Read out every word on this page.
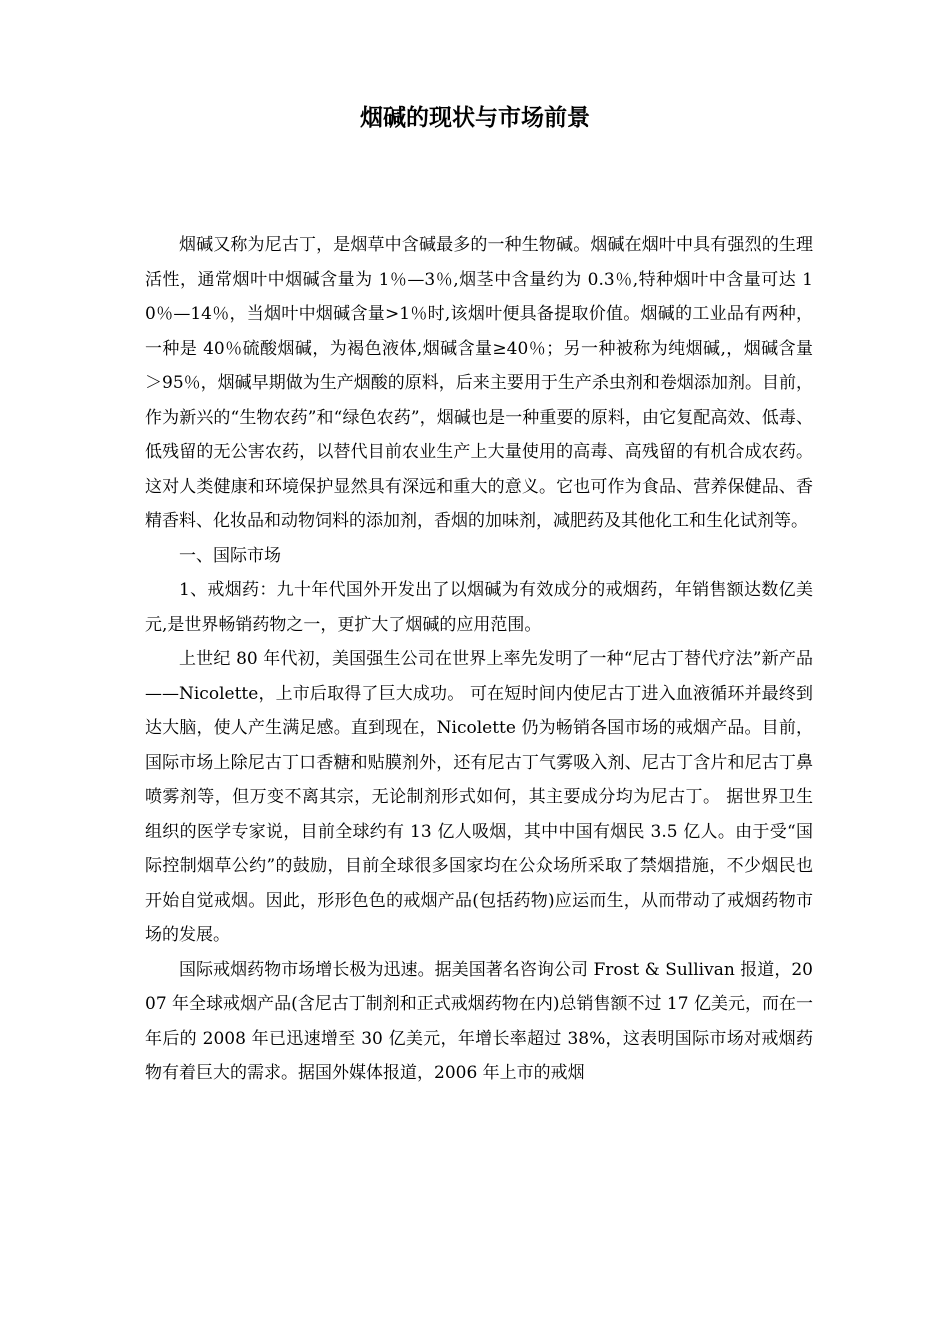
烟碱的现状与市场前景

烟碱又称为尼古丁，是烟草中含碱最多的一种生物碱。烟碱在烟叶中具有强烈的生理活性，通常烟叶中烟碱含量为 1％—3％,烟茎中含量约为 0.3％,特种烟叶中含量可达 10％—14％，当烟叶中烟碱含量>1％时,该烟叶便具备提取价值。烟碱的工业品有两种，一种是 40％硫酸烟碱，为褐色液体,烟碱含量≥40％；另一种被称为纯烟碱,，烟碱含量＞95％，烟碱早期做为生产烟酸的原料，后来主要用于生产杀虫剂和卷烟添加剂。目前，作为新兴的“生物农药”和“绿色农药”，烟碱也是一种重要的原料，由它复配高效、低毒、低残留的无公害农药，以替代目前农业生产上大量使用的高毒、高残留的有机合成农药。这对人类健康和环境保护显然具有深远和重大的意义。它也可作为食品、营养保健品、香精香料、化妆品和动物饲料的添加剂，香烟的加味剂，减肥药及其他化工和生化试剂等。

一、国际市场

1、戒烟药：九十年代国外开发出了以烟碱为有效成分的戒烟药，年销售额达数亿美元,是世界畅销药物之一，更扩大了烟碱的应用范围。

上世纪 80 年代初，美国强生公司在世界上率先发明了一种“尼古丁替代疗法”新产品——Nicolette，上市后取得了巨大成功。 可在短时间内使尼古丁进入血液循环并最终到达大脑，使人产生满足感。直到现在，Nicolette 仍为畅销各国市场的戒烟产品。目前，国际市场上除尼古丁口香糖和贴膜剂外，还有尼古丁气雾吸入剂、尼古丁含片和尼古丁鼻喷雾剂等，但万变不离其宗，无论制剂形式如何，其主要成分均为尼古丁。 据世界卫生组织的医学专家说，目前全球约有 13 亿人吸烟，其中中国有烟民 3.5 亿人。由于受“国际控制烟草公约”的鼓励，目前全球很多国家均在公众场所采取了禁烟措施，不少烟民也开始自觉戒烟。因此，形形色色的戒烟产品(包括药物)应运而生，从而带动了戒烟药物市场的发展。

国际戒烟药物市场增长极为迅速。据美国著名咨询公司 Frost & Sullivan 报道，2007 年全球戒烟产品(含尼古丁制剂和正式戒烟药物在内)总销售额不过 17 亿美元，而在一年后的 2008 年已迅速增至 30 亿美元，年增长率超过 38%，这表明国际市场对戒烟药物有着巨大的需求。据国外媒体报道，2006 年上市的戒烟
